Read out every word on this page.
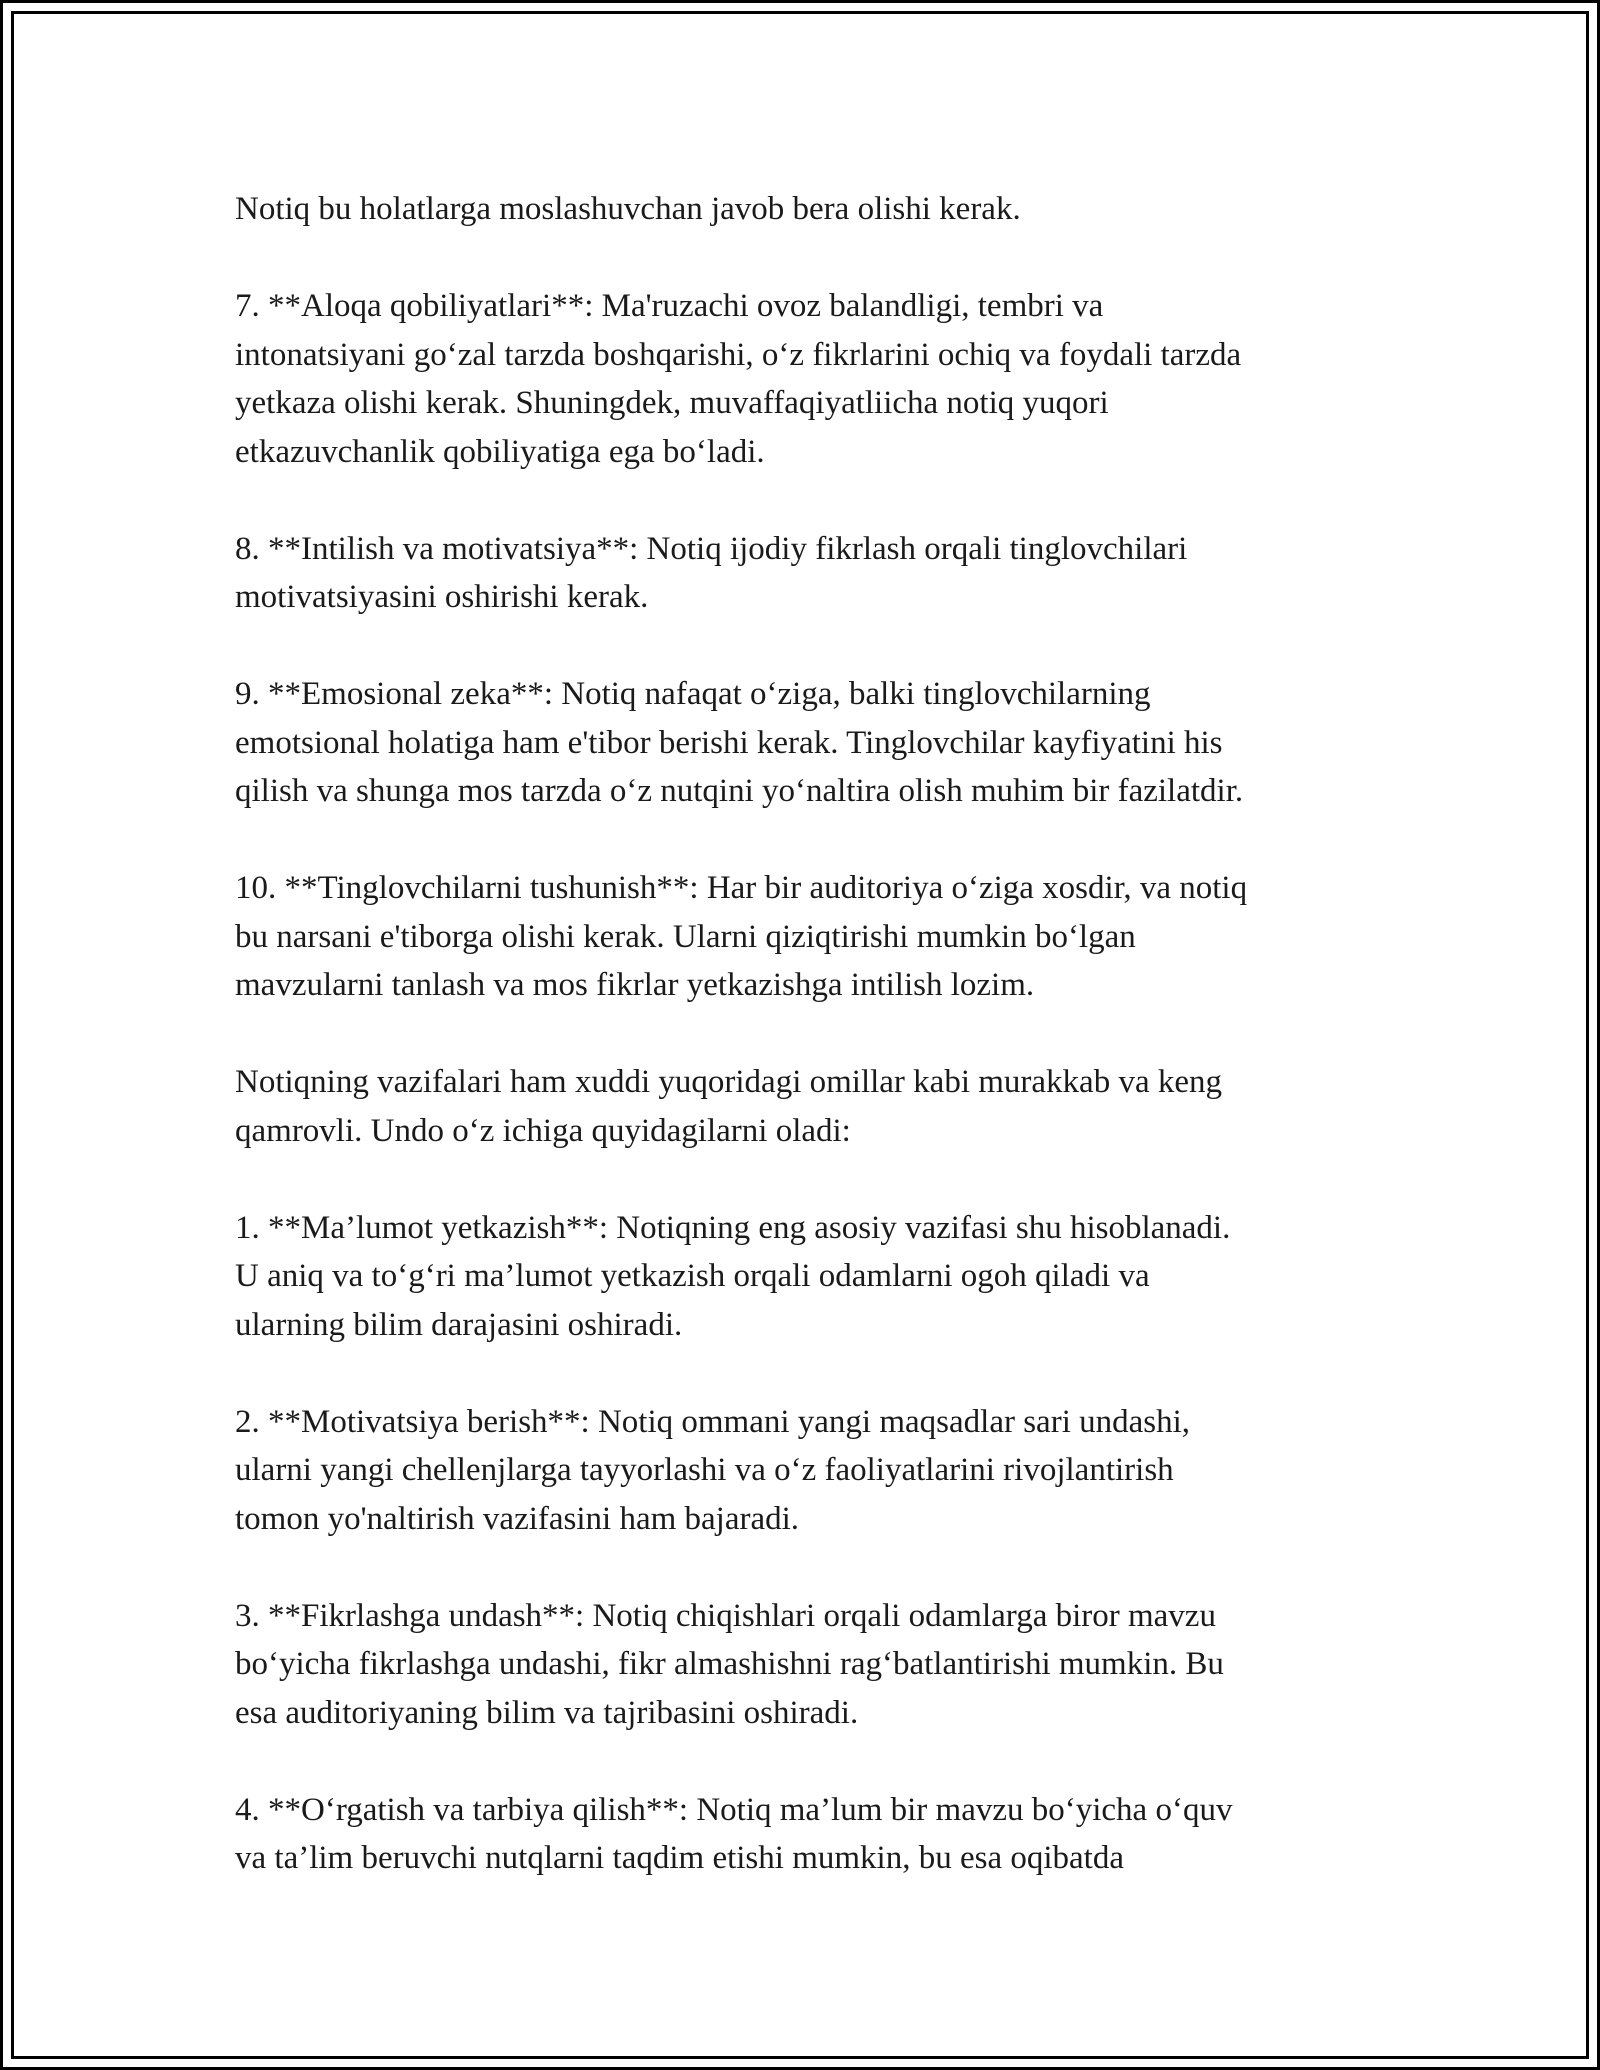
Notiq bu holatlarga moslashuvchan javob bera olishi kerak.

7. **Aloqa qobiliyatlari**: Ma'ruzachi ovoz balandligi, tembri va
intonatsiyani go‘zal tarzda boshqarishi, o‘z fikrlarini ochiq va foydali tarzda
yetkaza olishi kerak. Shuningdek, muvaffaqiyatliicha notiq yuqori
etkazuvchanlik qobiliyatiga ega bo‘ladi.

8. **Intilish va motivatsiya**: Notiq ijodiy fikrlash orqali tinglovchilari
motivatsiyasini oshirishi kerak.

9. **Emosional zeka**: Notiq nafaqat o‘ziga, balki tinglovchilarning
emotsional holatiga ham e'tibor berishi kerak. Tinglovchilar kayfiyatini his
qilish va shunga mos tarzda o‘z nutqini yo‘naltira olish muhim bir fazilatdir.

10. **Tinglovchilarni tushunish**: Har bir auditoriya o‘ziga xosdir, va notiq
bu narsani e'tiborga olishi kerak. Ularni qiziqtirishi mumkin bo‘lgan
mavzularni tanlash va mos fikrlar yetkazishga intilish lozim.

Notiqning vazifalari ham xuddi yuqoridagi omillar kabi murakkab va keng
qamrovli. Undo o‘z ichiga quyidagilarni oladi:

1. **Ma’lumot yetkazish**: Notiqning eng asosiy vazifasi shu hisoblanadi.
U aniq va to‘g‘ri ma’lumot yetkazish orqali odamlarni ogoh qiladi va
ularning bilim darajasini oshiradi.

2. **Motivatsiya berish**: Notiq ommani yangi maqsadlar sari undashi,
ularni yangi chellenjlarga tayyorlashi va o‘z faoliyatlarini rivojlantirish
tomon yo'naltirish vazifasini ham bajaradi.

3. **Fikrlashga undash**: Notiq chiqishlari orqali odamlarga biror mavzu
bo‘yicha fikrlashga undashi, fikr almashishni rag‘batlantirishi mumkin. Bu
esa auditoriyaning bilim va tajribasini oshiradi.

4. **O‘rgatish va tarbiya qilish**: Notiq ma’lum bir mavzu bo‘yicha o‘quv
va ta’lim beruvchi nutqlarni taqdim etishi mumkin, bu esa oqibatda
